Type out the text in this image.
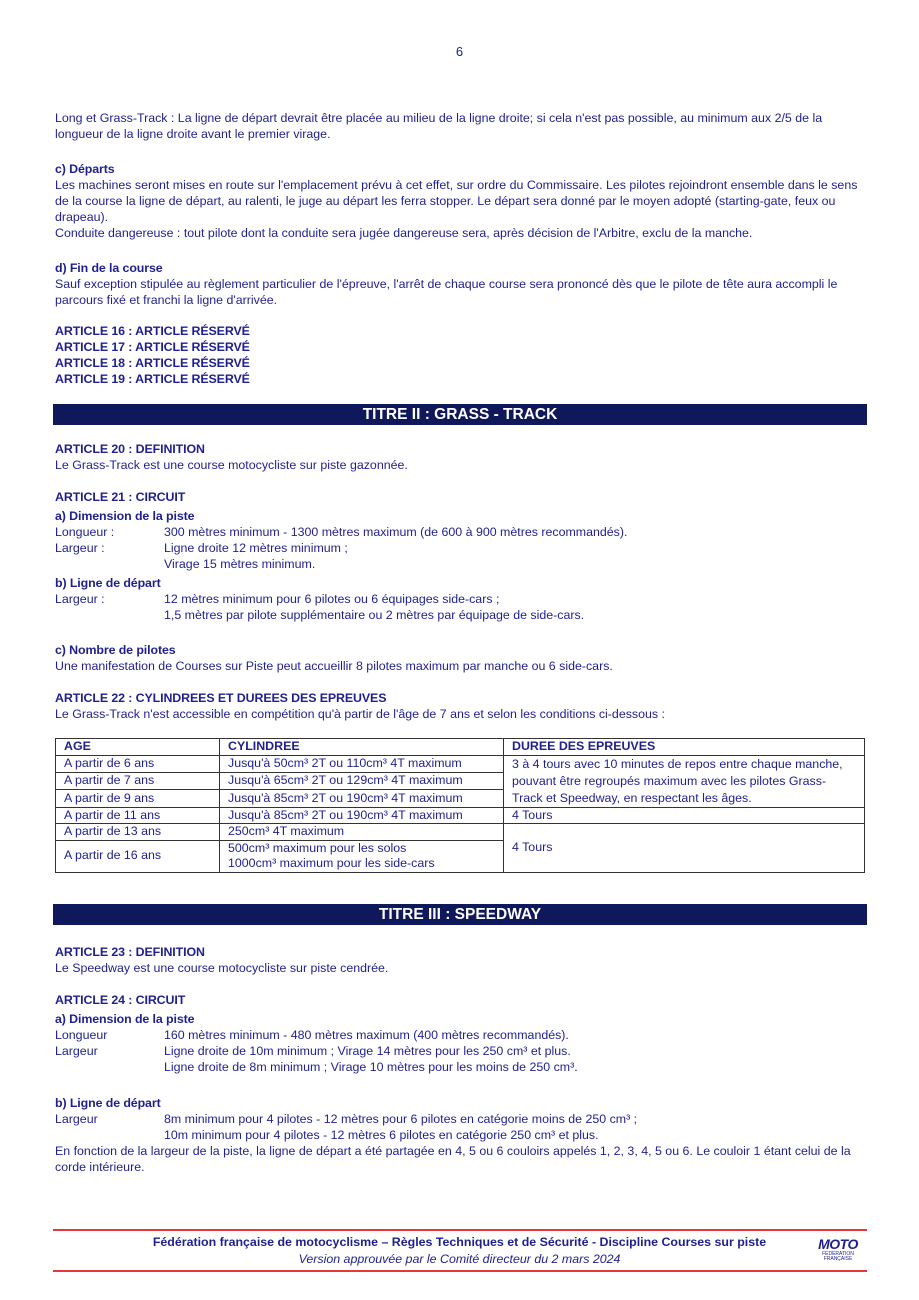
6

Long et Grass-Track : La ligne de départ devrait être placée au milieu de la ligne droite; si cela n'est pas possible, au minimum aux 2/5 de la longueur de la ligne droite avant le premier virage.

c) Départs

Les machines seront mises en route sur l'emplacement prévu à cet effet, sur ordre du Commissaire. Les pilotes rejoindront ensemble dans le sens de la course la ligne de départ, au ralenti, le juge au départ les ferra stopper. Le départ sera donné par le moyen adopté (starting-gate, feux ou drapeau).

Conduite dangereuse : tout pilote dont la conduite sera jugée dangereuse sera, après décision de l'Arbitre, exclu de la manche.

d) Fin de la course

Sauf exception stipulée au règlement particulier de l'épreuve, l'arrêt de chaque course sera prononcé dès que le pilote de tête aura accompli le parcours fixé et franchi la ligne d'arrivée.

ARTICLE 16 : ARTICLE RÉSERVÉ

ARTICLE 17 : ARTICLE RÉSERVÉ

ARTICLE 18 : ARTICLE RÉSERVÉ

ARTICLE 19 : ARTICLE RÉSERVÉ

TITRE II : GRASS - TRACK

ARTICLE 20 : DEFINITION

Le Grass-Track est une course motocycliste sur piste gazonnée.

ARTICLE 21 : CIRCUIT

a) Dimension de la piste

Longueur :	300 mètres minimum - 1300 mètres maximum (de 600 à 900 mètres recommandés).
Largeur :	Ligne droite 12 mètres minimum ;
Virage 15 mètres minimum.

b) Ligne de départ

Largeur :	12 mètres minimum pour 6 pilotes ou 6 équipages side-cars ;
1,5 mètres par pilote supplémentaire ou 2 mètres par équipage de side-cars.

c) Nombre de pilotes

Une manifestation de Courses sur Piste peut accueillir 8 pilotes maximum par manche ou 6 side-cars.

ARTICLE 22 : CYLINDREES ET DUREES DES EPREUVES

Le Grass-Track n'est accessible en compétition qu'à partir de l'âge de 7 ans et selon les conditions ci-dessous :

AGE	CYLINDREE	DUREE DES EPREUVES
A partir de 6 ans	Jusqu'à 50cm³ 2T ou 110cm³ 4T maximum	3 à 4 tours avec 10 minutes de repos entre chaque manche, pouvant être regroupés maximum avec les pilotes Grass-Track et Speedway, en respectant les âges.
A partir de 7 ans	Jusqu'à 65cm³ 2T ou 129cm³ 4T maximum	
A partir de 9 ans	Jusqu'à 85cm³ 2T ou 190cm³ 4T maximum	
A partir de 11 ans	Jusqu'à 85cm³ 2T ou 190cm³ 4T maximum	4 Tours
A partir de 13 ans	250cm³ 4T maximum	4 Tours
A partir de 16 ans	500cm³ maximum pour les solos
1000cm³ maximum pour les side-cars	
TITRE III : SPEEDWAY

ARTICLE 23 : DEFINITION

Le Speedway est une course motocycliste sur piste cendrée.

ARTICLE 24 : CIRCUIT

a) Dimension de la piste

Longueur	160 mètres minimum - 480 mètres maximum (400 mètres recommandés).
Largeur	Ligne droite de 10m minimum ; Virage 14 mètres pour les 250 cm³ et plus.
Ligne droite de 8m minimum ; Virage 10 mètres pour les moins de 250 cm³.

b) Ligne de départ

Largeur	8m minimum pour 4 pilotes - 12 mètres pour 6 pilotes en catégorie moins de 250 cm³ ;
10m minimum pour 4 pilotes - 12 mètres 6 pilotes en catégorie 250 cm³ et plus.

En fonction de la largeur de la piste, la ligne de départ a été partagée en 4, 5 ou 6 couloirs appelés 1, 2, 3, 4, 5 ou 6. Le couloir 1 étant celui de la corde intérieure.

Fédération française de motocyclisme – Règles Techniques et de Sécurité - Discipline Courses sur piste
Version approuvée par le Comité directeur du 2 mars 2024
MOTO
FÉDÉRATION FRANÇAISE
